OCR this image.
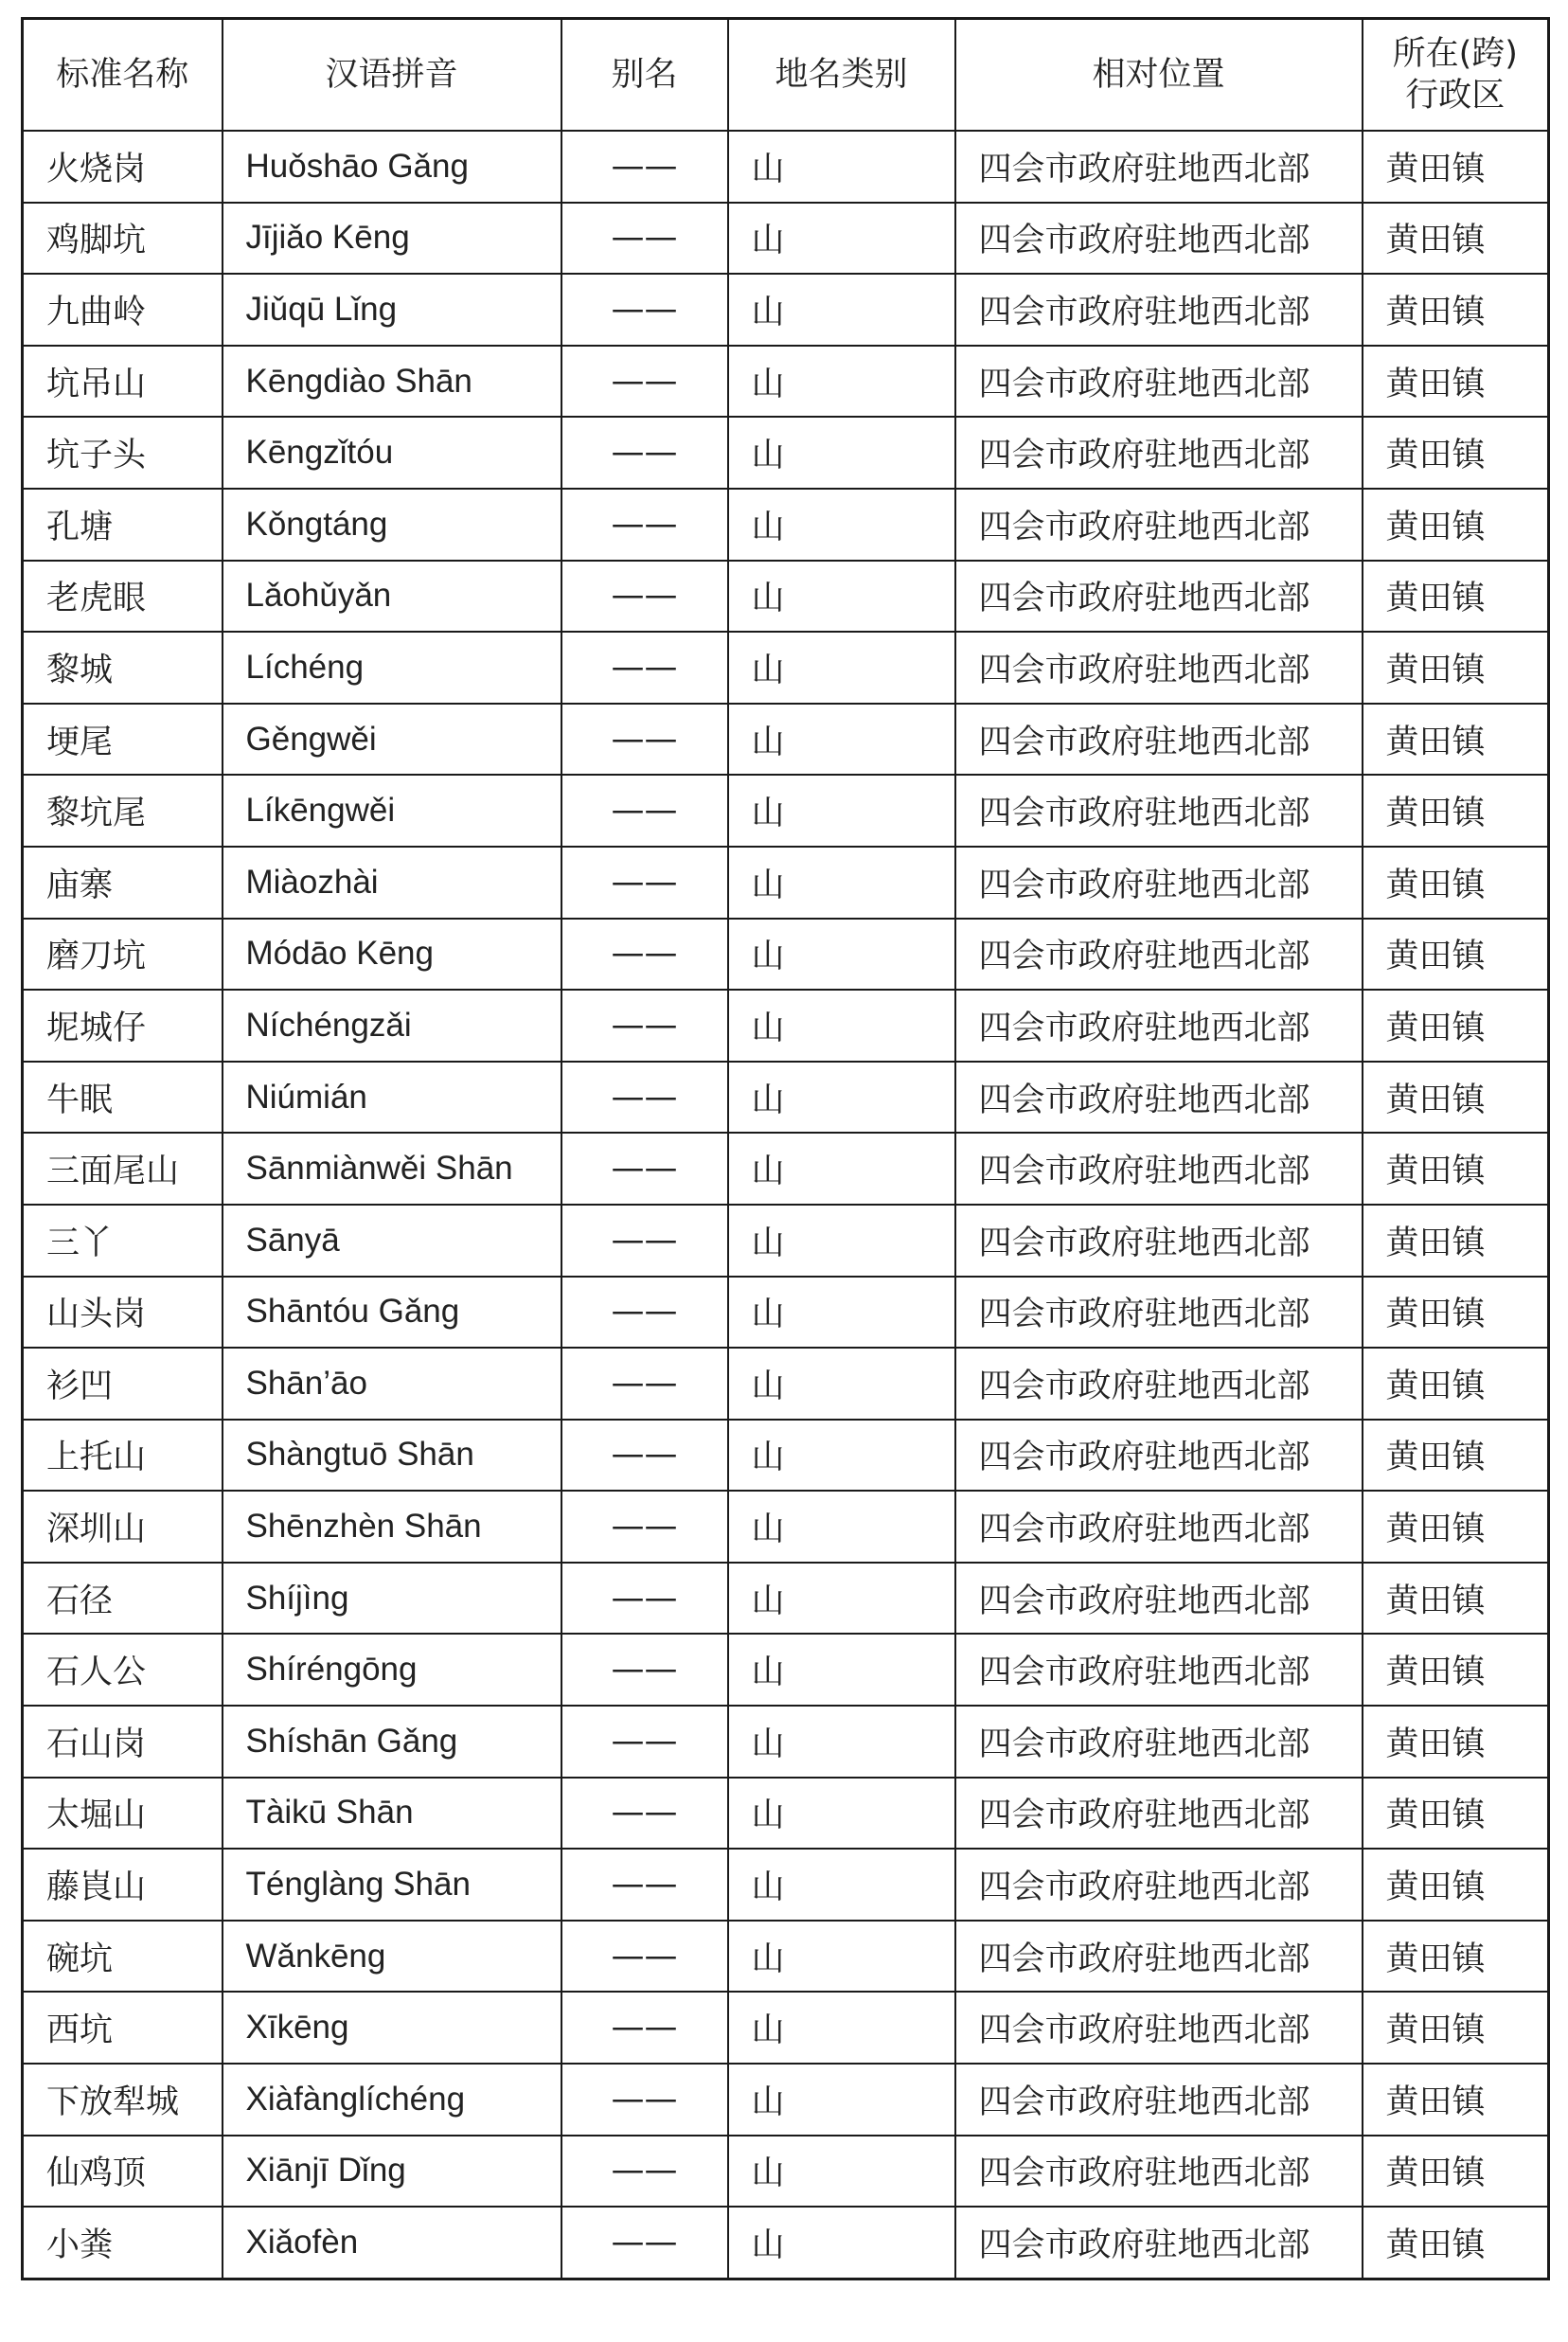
标准名称	汉语拼音	别名	地名类别	相对位置	所在(跨)
行政区

火烧岗	Huǒshāo Gǎng	——	山	四会市政府驻地西北部	黄田镇
鸡脚坑	Jījiǎo Kēng	——	山	四会市政府驻地西北部	黄田镇
九曲岭	Jiǔqū Lǐng	——	山	四会市政府驻地西北部	黄田镇
坑吊山	Kēngdiào Shān	——	山	四会市政府驻地西北部	黄田镇
坑子头	Kēngzǐtóu	——	山	四会市政府驻地西北部	黄田镇
孔塘	Kǒngtáng	——	山	四会市政府驻地西北部	黄田镇
老虎眼	Lǎohǔyǎn	——	山	四会市政府驻地西北部	黄田镇
黎城	Líchéng	——	山	四会市政府驻地西北部	黄田镇
埂尾	Gěngwěi	——	山	四会市政府驻地西北部	黄田镇
黎坑尾	Líkēngwěi	——	山	四会市政府驻地西北部	黄田镇
庙寨	Miàozhài	——	山	四会市政府驻地西北部	黄田镇
磨刀坑	Módāo Kēng	——	山	四会市政府驻地西北部	黄田镇
坭城仔	Níchéngzǎi	——	山	四会市政府驻地西北部	黄田镇
牛眠	Niúmián	——	山	四会市政府驻地西北部	黄田镇
三面尾山	Sānmiànwěi Shān	——	山	四会市政府驻地西北部	黄田镇
三丫	Sānyā	——	山	四会市政府驻地西北部	黄田镇
山头岗	Shāntóu Gǎng	——	山	四会市政府驻地西北部	黄田镇
衫凹	Shān’āo	——	山	四会市政府驻地西北部	黄田镇
上托山	Shàngtuō Shān	——	山	四会市政府驻地西北部	黄田镇
深圳山	Shēnzhèn Shān	——	山	四会市政府驻地西北部	黄田镇
石径	Shíjìng	——	山	四会市政府驻地西北部	黄田镇
石人公	Shíréngōng	——	山	四会市政府驻地西北部	黄田镇
石山岗	Shíshān Gǎng	——	山	四会市政府驻地西北部	黄田镇
太堀山	Tàikū Shān	——	山	四会市政府驻地西北部	黄田镇
藤崀山	Ténglàng Shān	——	山	四会市政府驻地西北部	黄田镇
碗坑	Wǎnkēng	——	山	四会市政府驻地西北部	黄田镇
西坑	Xīkēng	——	山	四会市政府驻地西北部	黄田镇
下放犁城	Xiàfànglíchéng	——	山	四会市政府驻地西北部	黄田镇
仙鸡顶	Xiānjī Dǐng	——	山	四会市政府驻地西北部	黄田镇
小粪	Xiǎofèn	——	山	四会市政府驻地西北部	黄田镇
